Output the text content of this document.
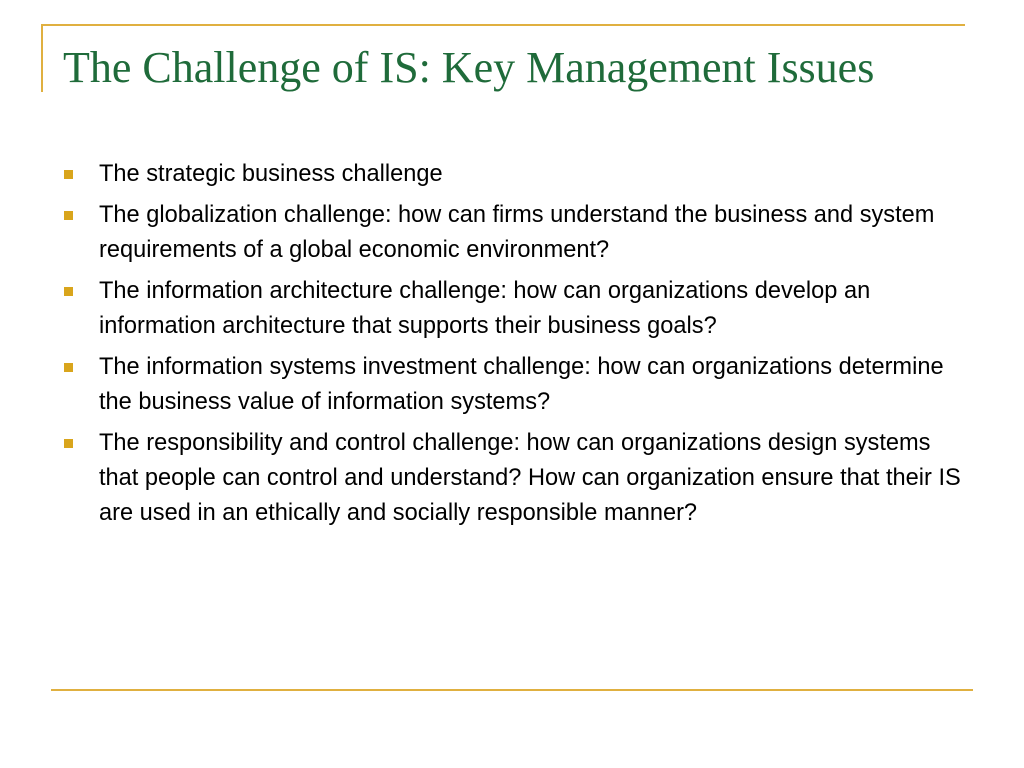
The Challenge of IS: Key Management Issues
The strategic business challenge
The globalization challenge: how can firms understand the business and system requirements of a global economic environment?
The information architecture challenge: how can organizations develop an information architecture that supports their business goals?
The information systems investment challenge: how can organizations determine the business value of information systems?
The responsibility and control challenge: how can organizations design systems that people can control and understand? How can organization ensure that their IS are used in an ethically and socially responsible manner?
